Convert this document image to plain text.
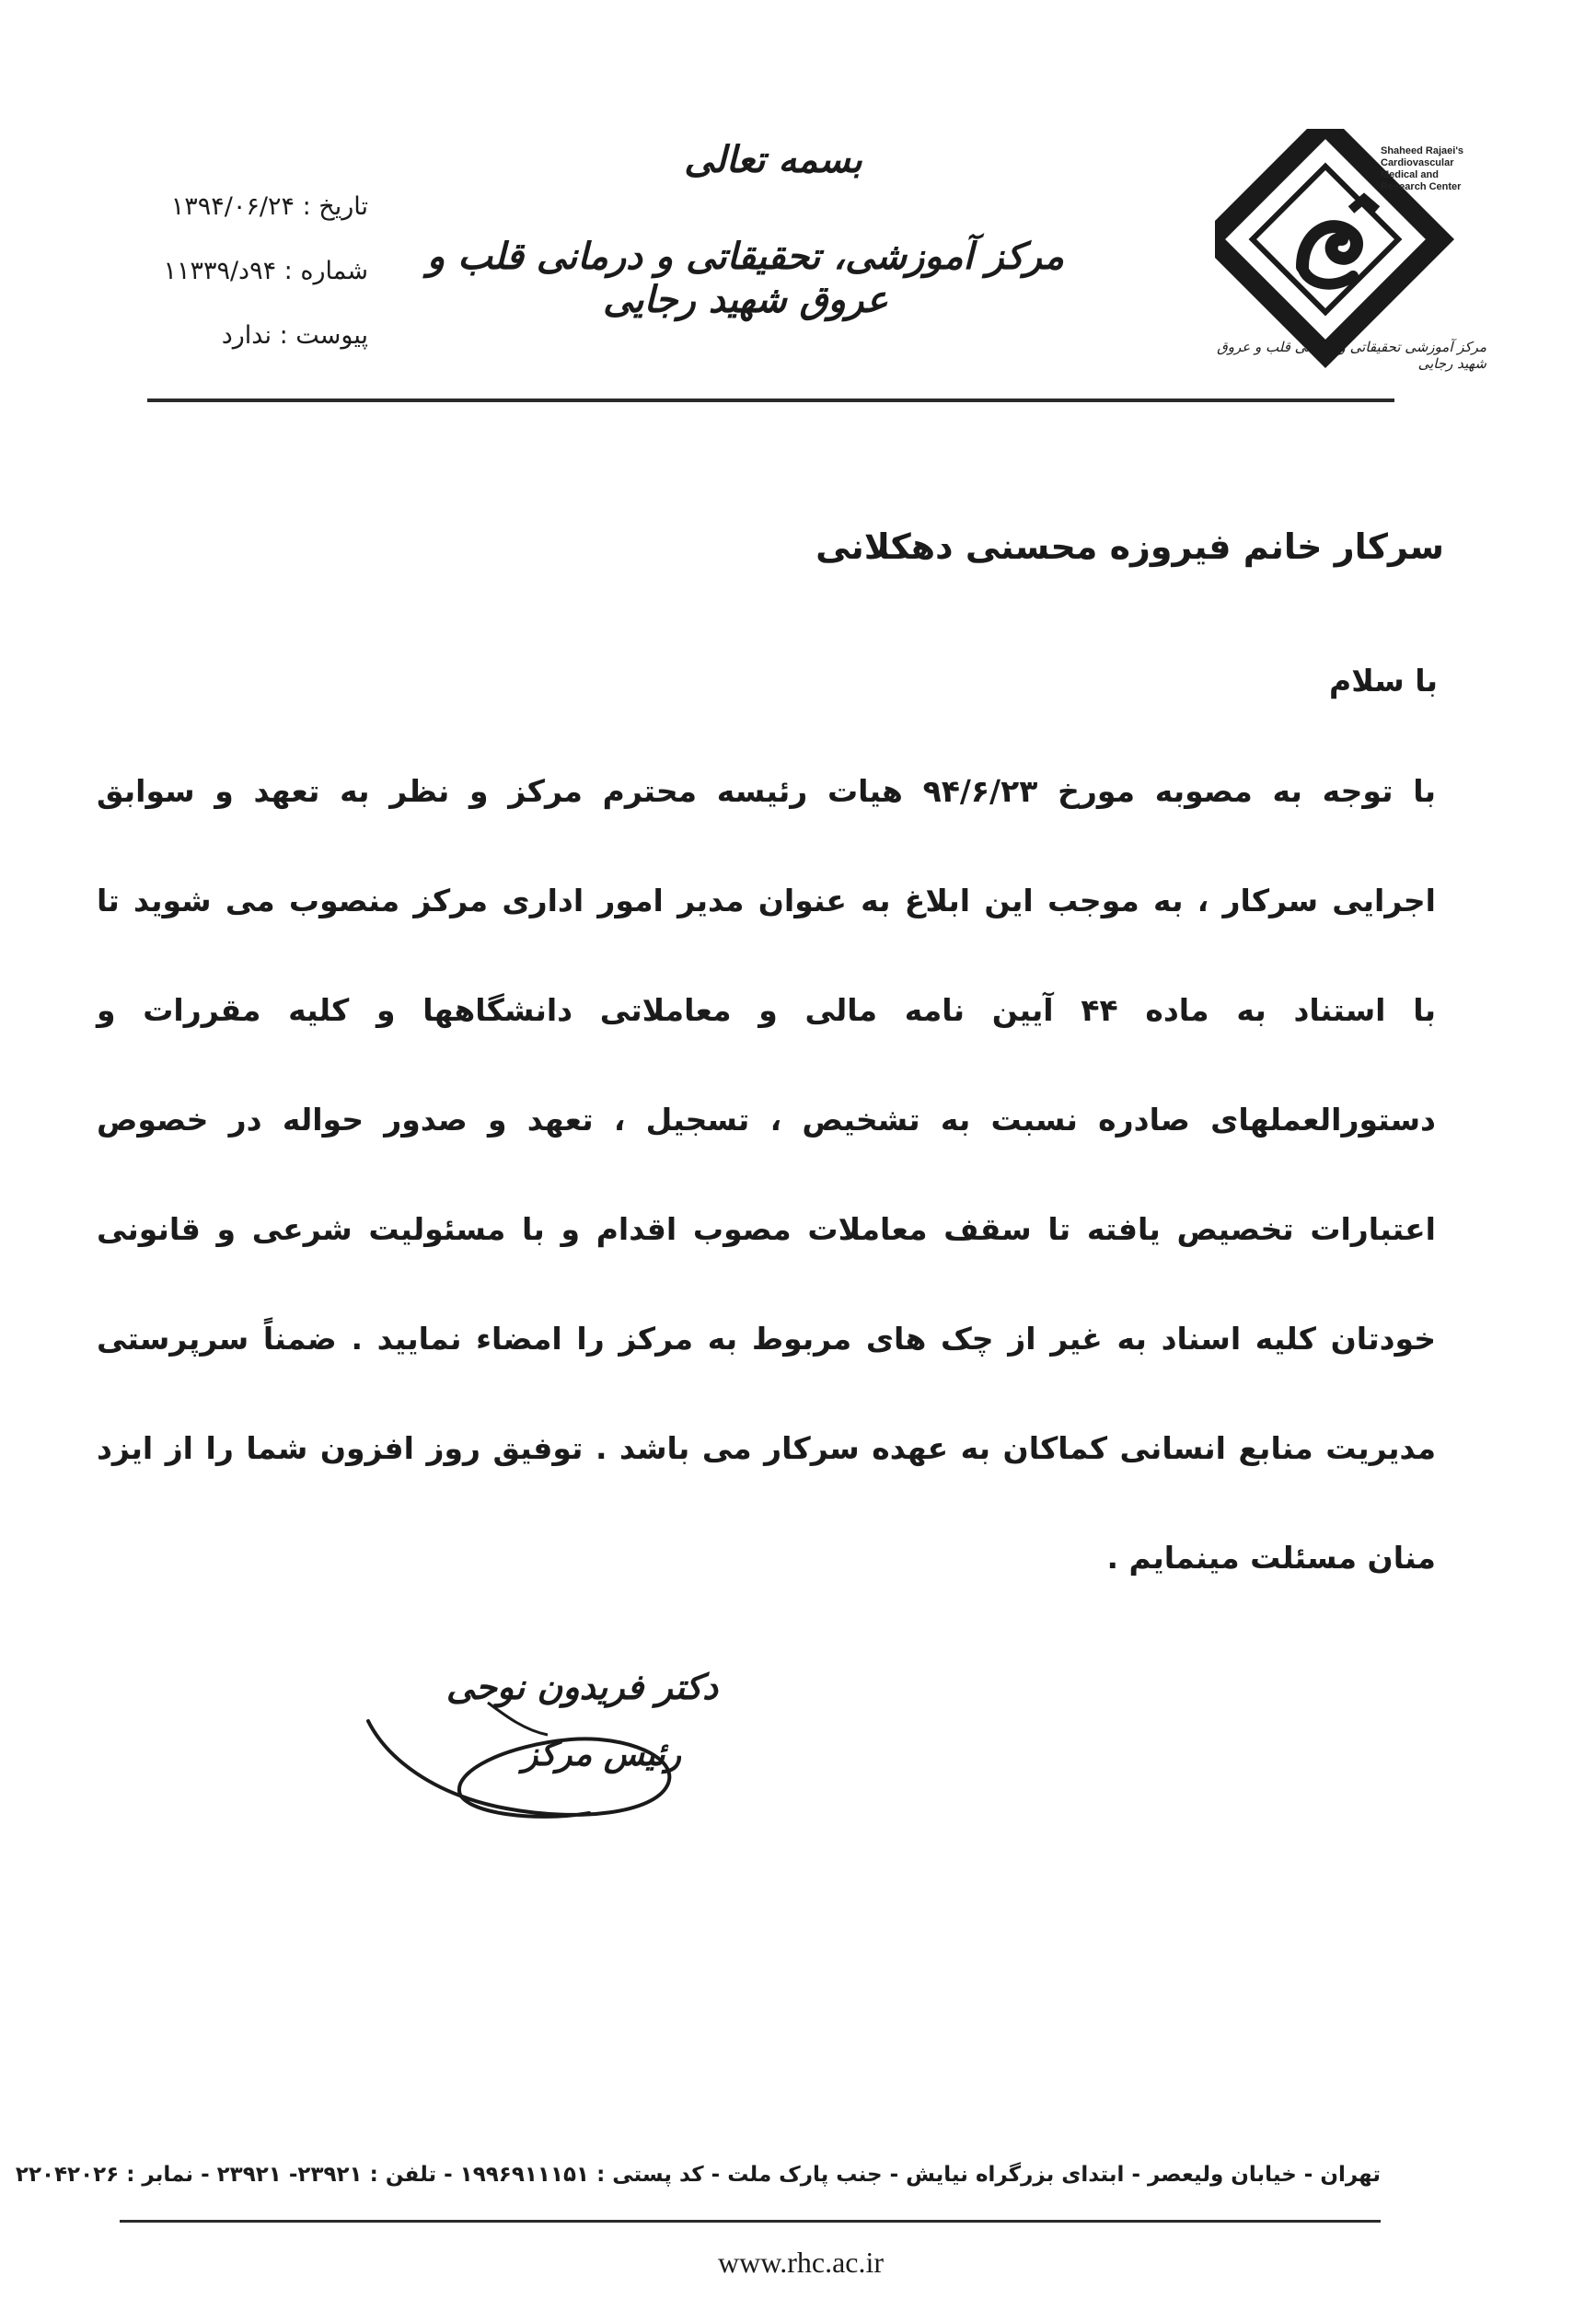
بسمه تعالی
مرکز آموزشی، تحقیقاتی و درمانی قلب و عروق شهید رجایی
تاریخ : ۱۳۹۴/۰۶/۲۴
شماره : ۹۴د/۱۱۳۳۹
پیوست : ندارد
Shaheed Rajaei's Cardiovascular Medical and Research Center
مرکز آموزشی تحقیقاتی و درمانی قلب و عروق شهید رجایی
سرکار خانم فیروزه محسنی دهکلانی
با سلام
با توجه به مصوبه مورخ ۹۴/۶/۲۳ هیات رئیسه محترم مرکز و نظر به تعهد و سوابق
اجرایی سرکار ، به موجب این ابلاغ به عنوان مدیر امور اداری مرکز منصوب می شوید تا
با استناد به ماده ۴۴ آیین نامه مالی و معاملاتی دانشگاهها و کلیه مقررات و
دستورالعملهای صادره نسبت به تشخیص ، تسجیل ، تعهد و صدور حواله در خصوص
اعتبارات تخصیص یافته تا سقف معاملات مصوب اقدام و با مسئولیت شرعی و قانونی
خودتان کلیه اسناد به غیر از چک های مربوط به مرکز را امضاء نمایید . ضمناً سرپرستی
مدیریت منابع انسانی کماکان به عهده سرکار می باشد . توفیق روز افزون شما را از ایزد
منان مسئلت مینمایم .
دکتر فریدون نوحی
رئیس مرکز
تهران - خیابان ولیعصر - ابتدای بزرگراه نیایش - جنب پارک ملت - کد پستی : ۱۹۹۶۹۱۱۱۵۱ - تلفن : ۲۳۹۲۱- ۲۳۹۲۱ - نمابر : ۲۲۰۴۲۰۲۶
www.rhc.ac.ir
